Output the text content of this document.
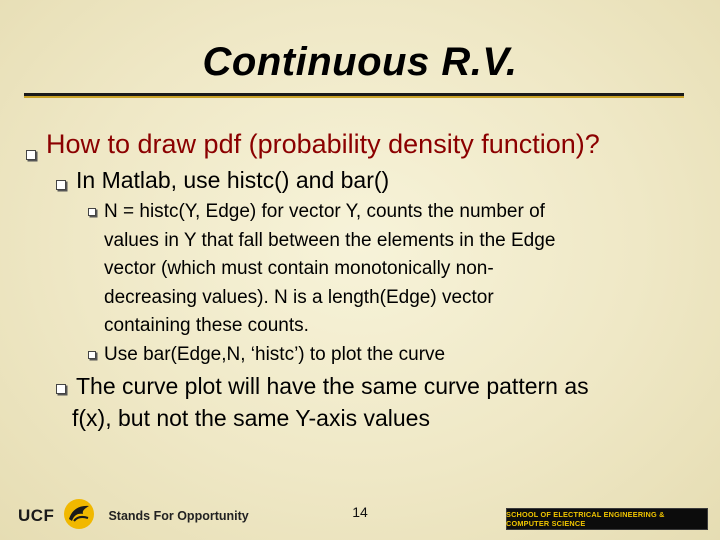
Continuous R.V.
How to draw pdf (probability density function)?
In Matlab, use histc() and bar()
N = histc(Y, Edge) for vector Y, counts the number of
values in Y that fall between the elements in the Edge
vector (which must contain monotonically non-
decreasing values). N is a length(Edge) vector
containing these counts.
Use bar(Edge,N, ‘histc’) to plot the curve
The curve plot will have the same curve pattern as
f(x), but not the same Y-axis values
UCF	Stands For Opportunity	14	SCHOOL OF ELECTRICAL ENGINEERING & COMPUTER SCIENCE
